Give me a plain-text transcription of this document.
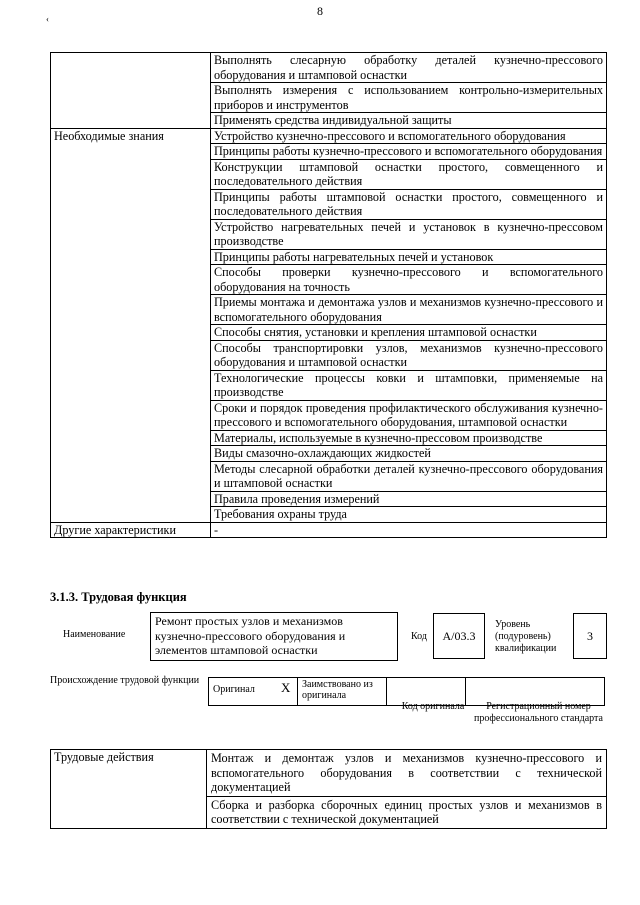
8
‹
	Выполнять слесарную обработку деталей кузнечно-прессового оборудования и штамповой оснастки
	Выполнять измерения с использованием контрольно-измерительных приборов и инструментов
	Применять средства индивидуальной защиты
Необходимые знания	Устройство кузнечно-прессового и вспомогательного оборудования
	Принципы работы кузнечно-прессового и вспомогательного оборудования
	Конструкции штамповой оснастки простого, совмещенного и последовательного действия
	Принципы работы штамповой оснастки простого, совмещенного и последовательного действия
	Устройство нагревательных печей и установок в кузнечно-прессовом производстве
	Принципы работы нагревательных печей и установок
	Способы проверки кузнечно-прессового и вспомогательного оборудования на точность
	Приемы монтажа и демонтажа узлов и механизмов кузнечно-прессового и вспомогательного оборудования
	Способы снятия, установки и крепления штамповой оснастки
	Способы транспортировки узлов, механизмов кузнечно-прессового оборудования и штамповой оснастки
	Технологические процессы ковки и штамповки, применяемые на производстве
	Сроки и порядок проведения профилактического обслуживания кузнечно-прессового и вспомогательного оборудования, штамповой оснастки
	Материалы, используемые в кузнечно-прессовом производстве
	Виды смазочно-охлаждающих жидкостей
	Методы слесарной обработки деталей кузнечно-прессового оборудования и штамповой оснастки
	Правила проведения измерений
	Требования охраны труда
Другие характеристики	-
3.1.3. Трудовая функция
Наименование
Ремонт простых узлов и механизмов кузнечно-прессового оборудования и элементов штамповой оснастки
Код	А/03.3
Уровень (подуровень) квалификации
3
Происхождение трудовой функции
Оригинал	X	Заимствовано из оригинала		
Код оригинала	Регистрационный номер профессионального стандарта
Трудовые действия	Монтаж и демонтаж узлов и механизмов кузнечно-прессового и вспомогательного оборудования в соответствии с технической документацией
	Сборка и разборка сборочных единиц простых узлов и механизмов в соответствии с технической документацией
